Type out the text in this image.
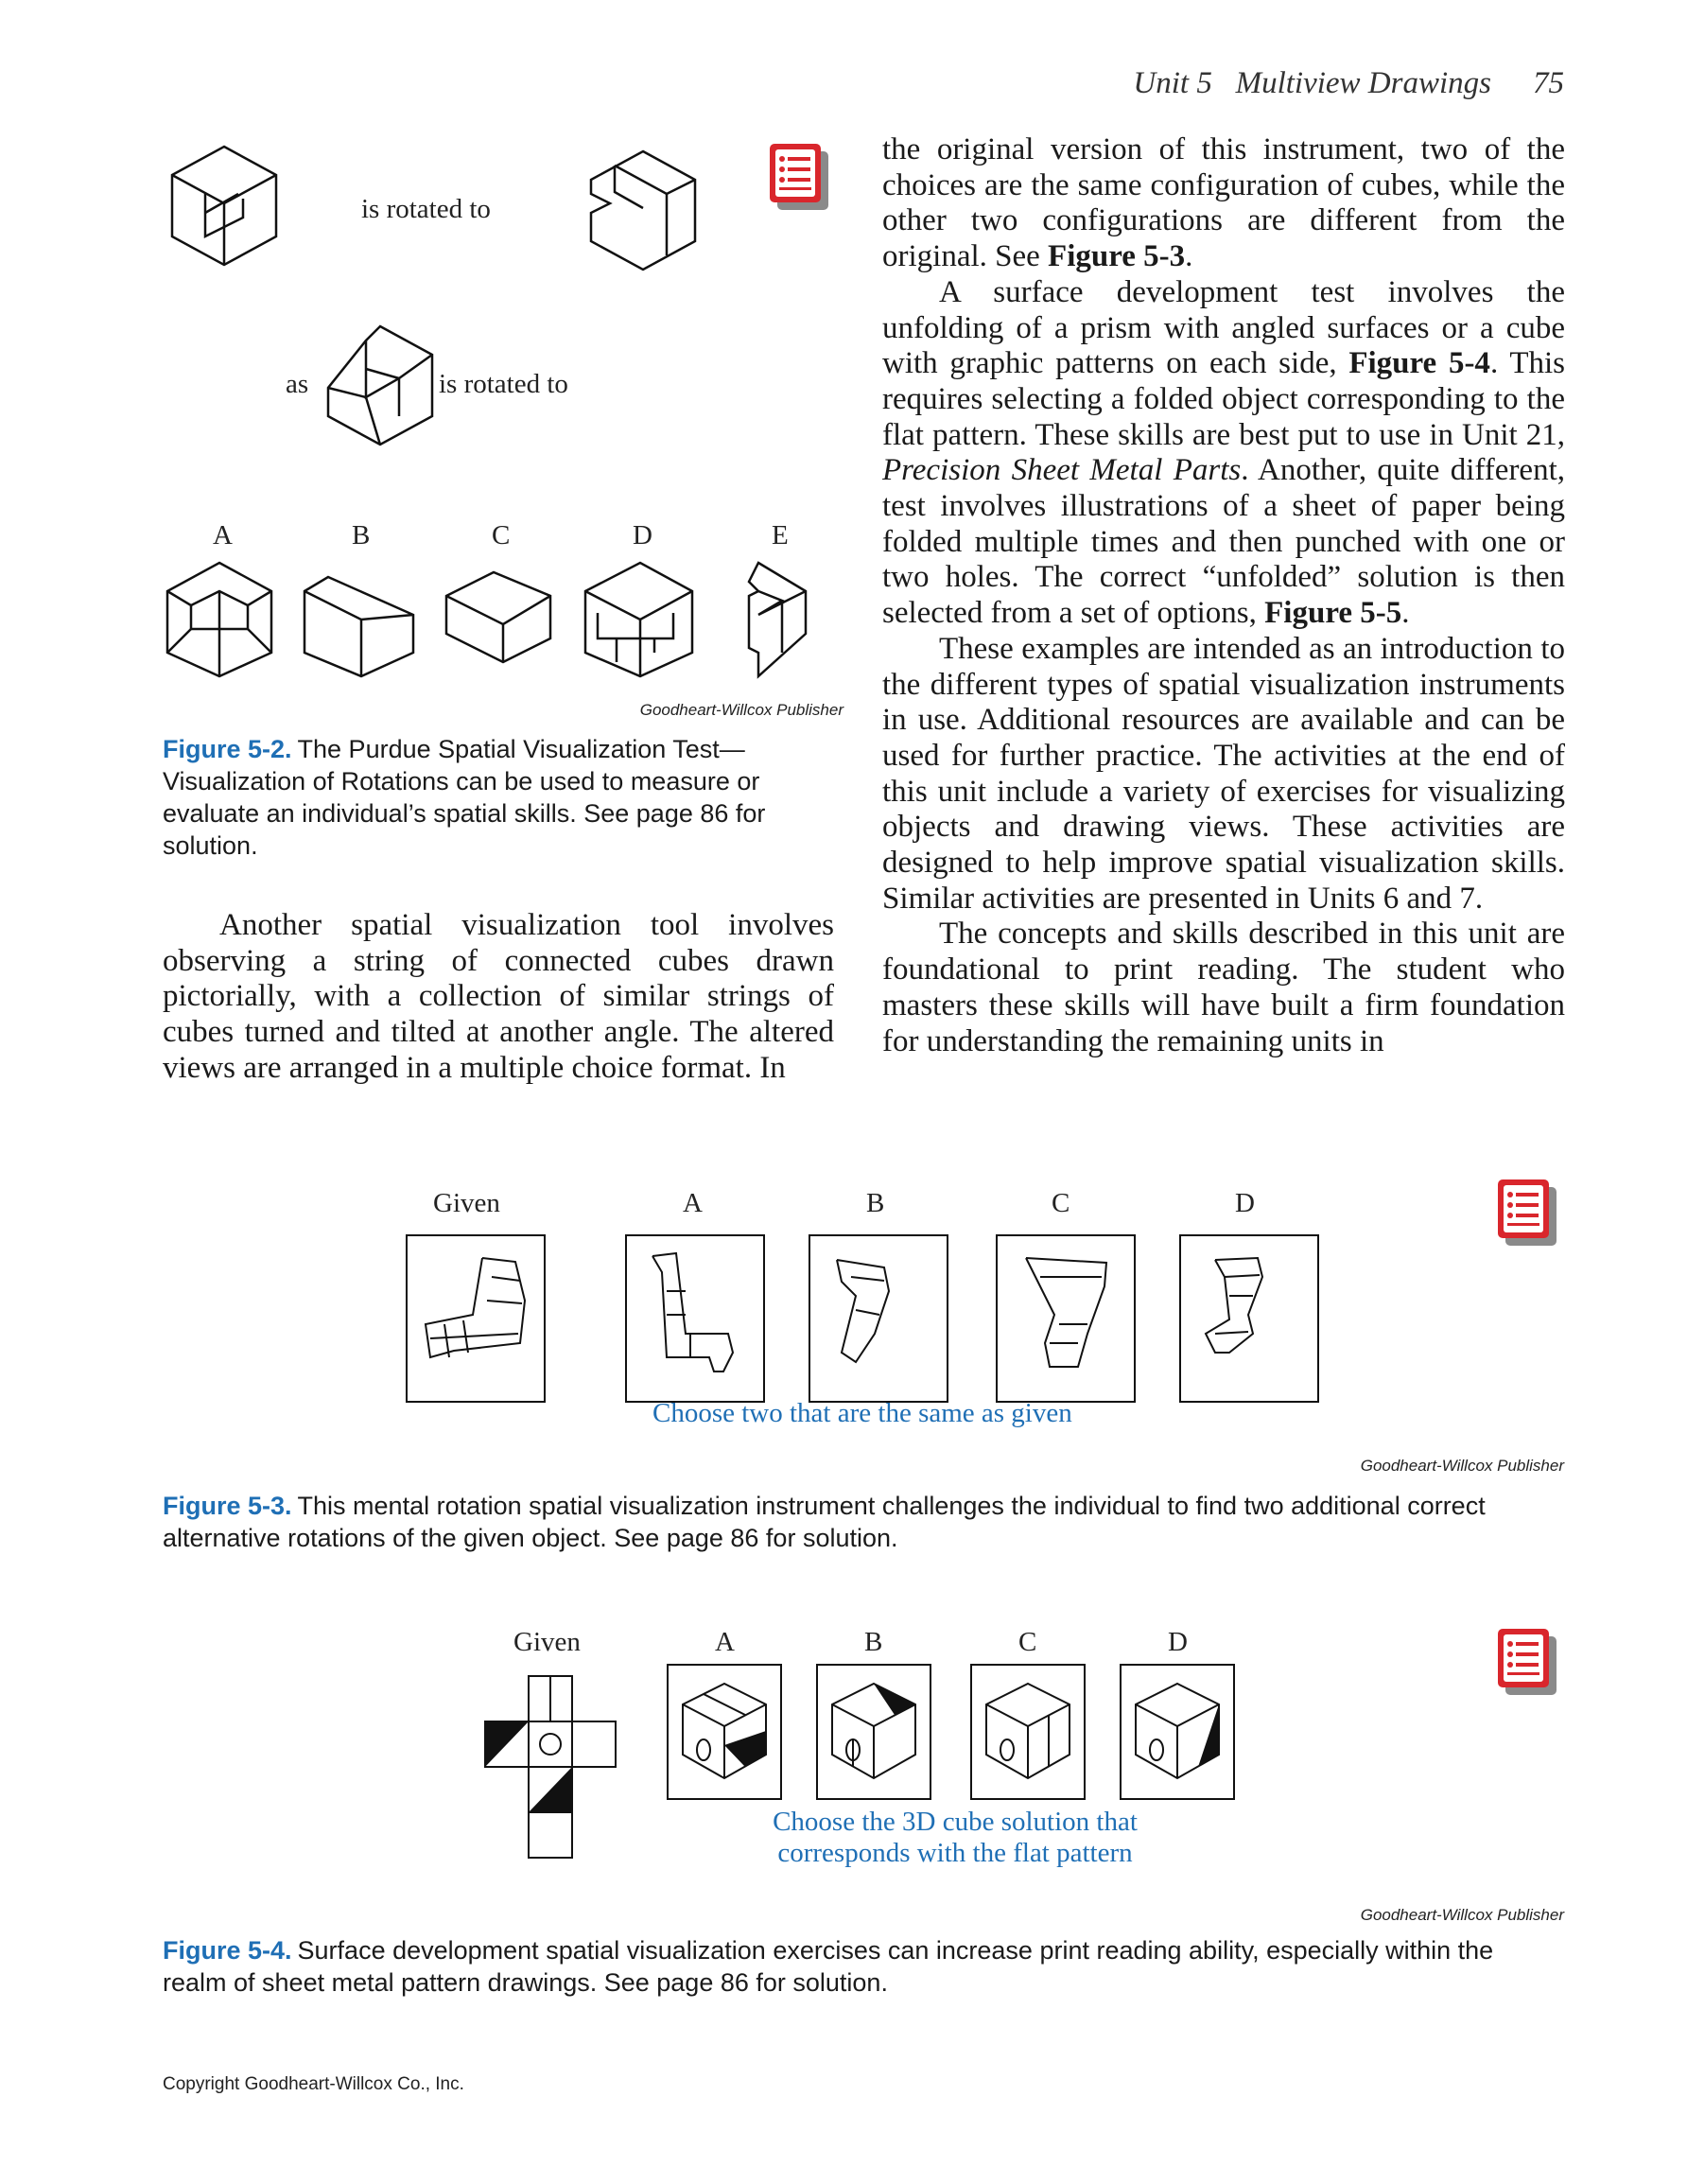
Unit 5   Multiview Drawings 75
is rotated to
as	is rotated to
A	B	C	D	E
Goodheart-Willcox Publisher
Figure 5-2. The Purdue Spatial Visualization Test—Visualization of Rotations can be used to measure or evaluate an individual’s spatial skills. See page 86 for solution.

Another spatial visualization tool involves observing a string of connected cubes drawn pictorially, with a collection of similar strings of cubes turned and tilted at another angle. The altered views are arranged in a multiple choice format. In

the original version of this instrument, two of the choices are the same configuration of cubes, while the other two configurations are different from the original. See Figure 5-3.

A surface development test involves the unfolding of a prism with angled surfaces or a cube with graphic patterns on each side, Figure 5-4. This requires selecting a folded object corresponding to the flat pattern. These skills are best put to use in Unit 21, Precision Sheet Metal Parts. Another, quite different, test involves illustrations of a sheet of paper being folded multiple times and then punched with one or two holes. The correct “unfolded” solution is then selected from a set of options, Figure 5-5.

These examples are intended as an introduction to the different types of spatial visualization instruments in use. Additional resources are available and can be used for further practice. The activities at the end of this unit include a variety of exercises for visualizing objects and drawing views. These activities are designed to help improve spatial visualization skills. Similar activities are presented in Units 6 and 7.

The concepts and skills described in this unit are foundational to print reading. The student who masters these skills will have built a firm foundation for understanding the remaining units in

Given	A	B	C	D
Choose two that are the same as given
Goodheart-Willcox Publisher
Figure 5-3. This mental rotation spatial visualization instrument challenges the individual to find two additional correct alternative rotations of the given object. See page 86 for solution.
Given	A	B	C	D
Choose the 3D cube solution that
corresponds with the flat pattern
Goodheart-Willcox Publisher
Figure 5-4. Surface development spatial visualization exercises can increase print reading ability, especially within the realm of sheet metal pattern drawings. See page 86 for solution.
Copyright Goodheart-Willcox Co., Inc.
